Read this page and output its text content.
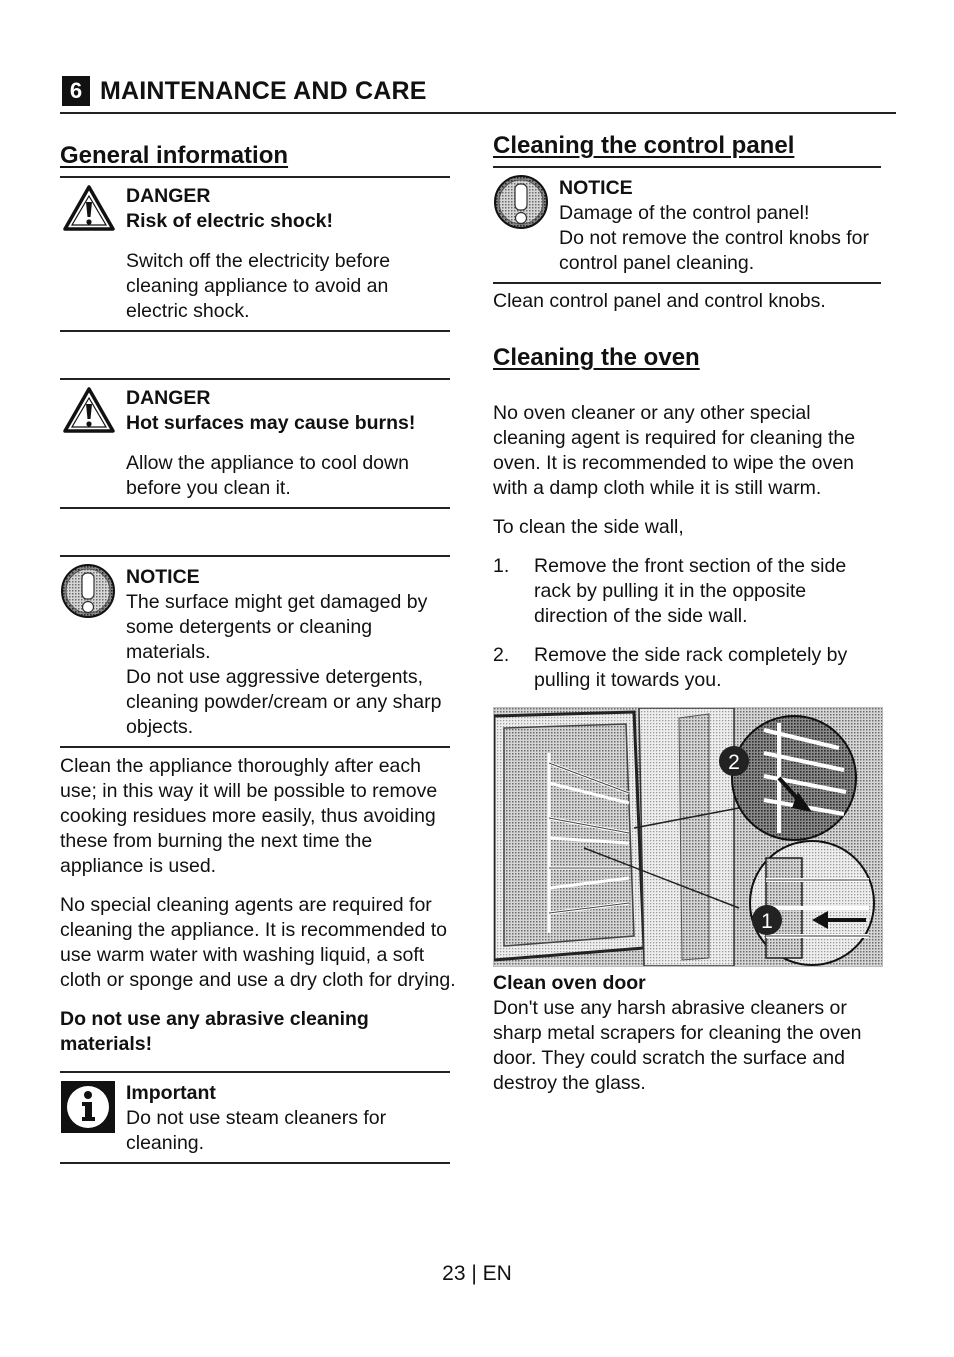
6 MAINTENANCE AND CARE
General information

DANGER

Risk of electric shock!

Switch off the electricity before cleaning appliance to avoid an electric shock.

DANGER

Hot surfaces may cause burns!

Allow the appliance to cool down before you clean it.

NOTICE

The surface might get damaged by some detergents or cleaning materials.

Do not use aggressive detergents, cleaning powder/cream or any sharp objects.

Clean the appliance thoroughly after each use; in this way it will be possible to remove cooking residues more easily, thus avoiding these from burning the next time the appliance is used.

No special cleaning agents are required for cleaning the appliance. It is recommended to use warm water with washing liquid, a soft cloth or sponge and use a dry cloth for drying.

Do not use any abrasive cleaning materials!

Important

Do not use steam cleaners for cleaning.

Cleaning the control panel

NOTICE

Damage of the control panel!

Do not remove the control knobs for control panel cleaning.

Clean control panel and control knobs.

Cleaning the oven

No oven cleaner or any other special cleaning agent is required for cleaning the oven. It is recommended to wipe the oven with a damp cloth while it is still warm.

To clean the side wall,

1. Remove the front section of the side rack by pulling it in the opposite direction of the side wall.
2. Remove the side rack completely by pulling it towards you.
2
1

Clean oven door

Don't use any harsh abrasive cleaners or sharp metal scrapers for cleaning the oven door. They could scratch the surface and destroy the glass.

23 | EN
